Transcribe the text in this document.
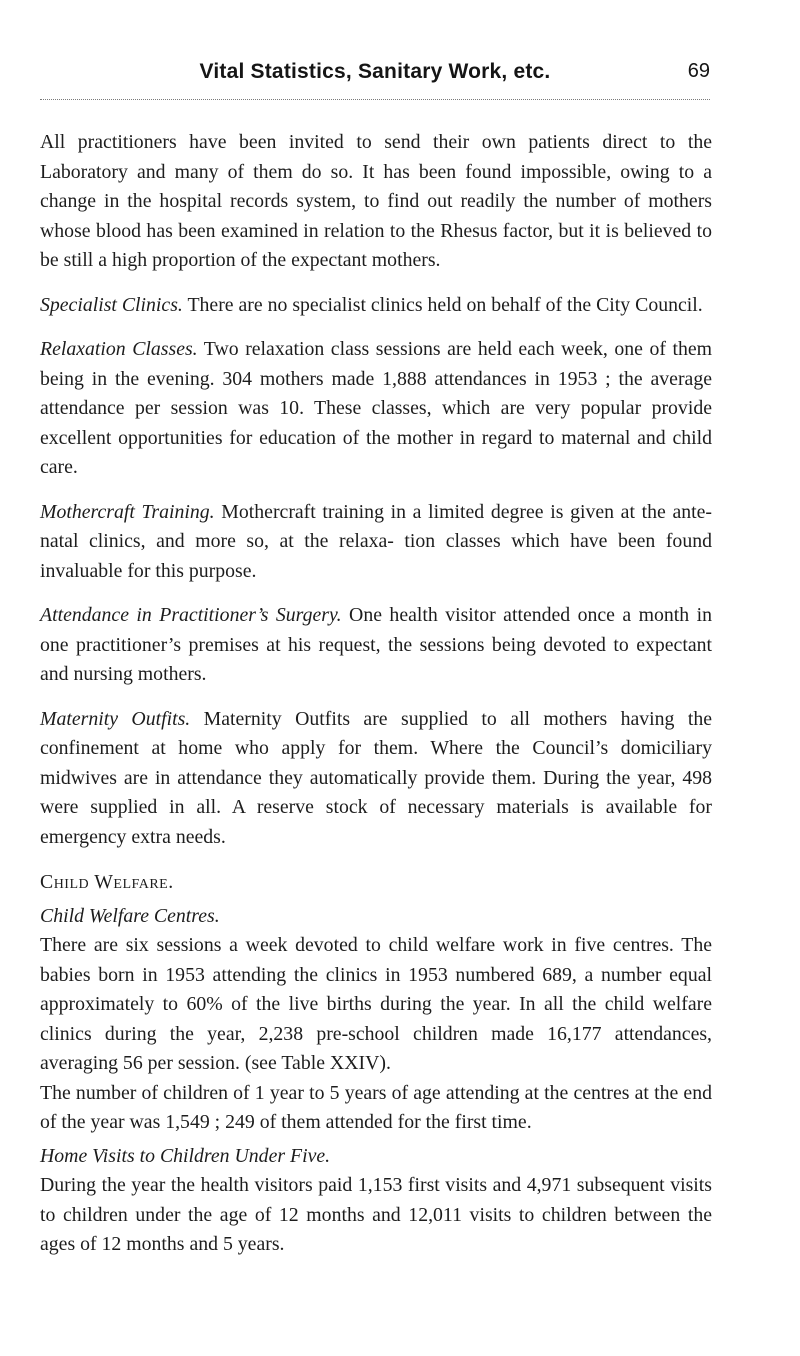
Vital Statistics, Sanitary Work, etc.	69

All practitioners have been invited to send their own patients direct to the Laboratory and many of them do so. It has been found impossible, owing to a change in the hospital records system, to find out readily the number of mothers whose blood has been examined in relation to the Rhesus factor, but it is believed to be still a high proportion of the expectant mothers.

Specialist Clinics. There are no specialist clinics held on behalf of the City Council.

Relaxation Classes. Two relaxation class sessions are held each week, one of them being in the evening. 304 mothers made 1,888 attendances in 1953 ; the average attendance per session was 10. These classes, which are very popular provide excellent opportunities for education of the mother in regard to maternal and child care.

Mothercraft Training. Mothercraft training in a limited degree is given at the ante-natal clinics, and more so, at the relaxa- tion classes which have been found invaluable for this purpose.

Attendance in Practitioner’s Surgery. One health visitor attended once a month in one practitioner’s premises at his request, the sessions being devoted to expectant and nursing mothers.

Maternity Outfits. Maternity Outfits are supplied to all mothers having the confinement at home who apply for them. Where the Council’s domiciliary midwives are in attendance they automatically provide them. During the year, 498 were supplied in all. A reserve stock of necessary materials is available for emergency extra needs.

Child Welfare.

Child Welfare Centres.

There are six sessions a week devoted to child welfare work in five centres. The babies born in 1953 attending the clinics in 1953 numbered 689, a number equal approximately to 60% of the live births during the year. In all the child welfare clinics during the year, 2,238 pre-school children made 16,177 attendances, averaging 56 per session. (see Table XXIV).

The number of children of 1 year to 5 years of age attending at the centres at the end of the year was 1,549 ; 249 of them attended for the first time.

Home Visits to Children Under Five.

During the year the health visitors paid 1,153 first visits and 4,971 subsequent visits to children under the age of 12 months and 12,011 visits to children between the ages of 12 months and 5 years.
